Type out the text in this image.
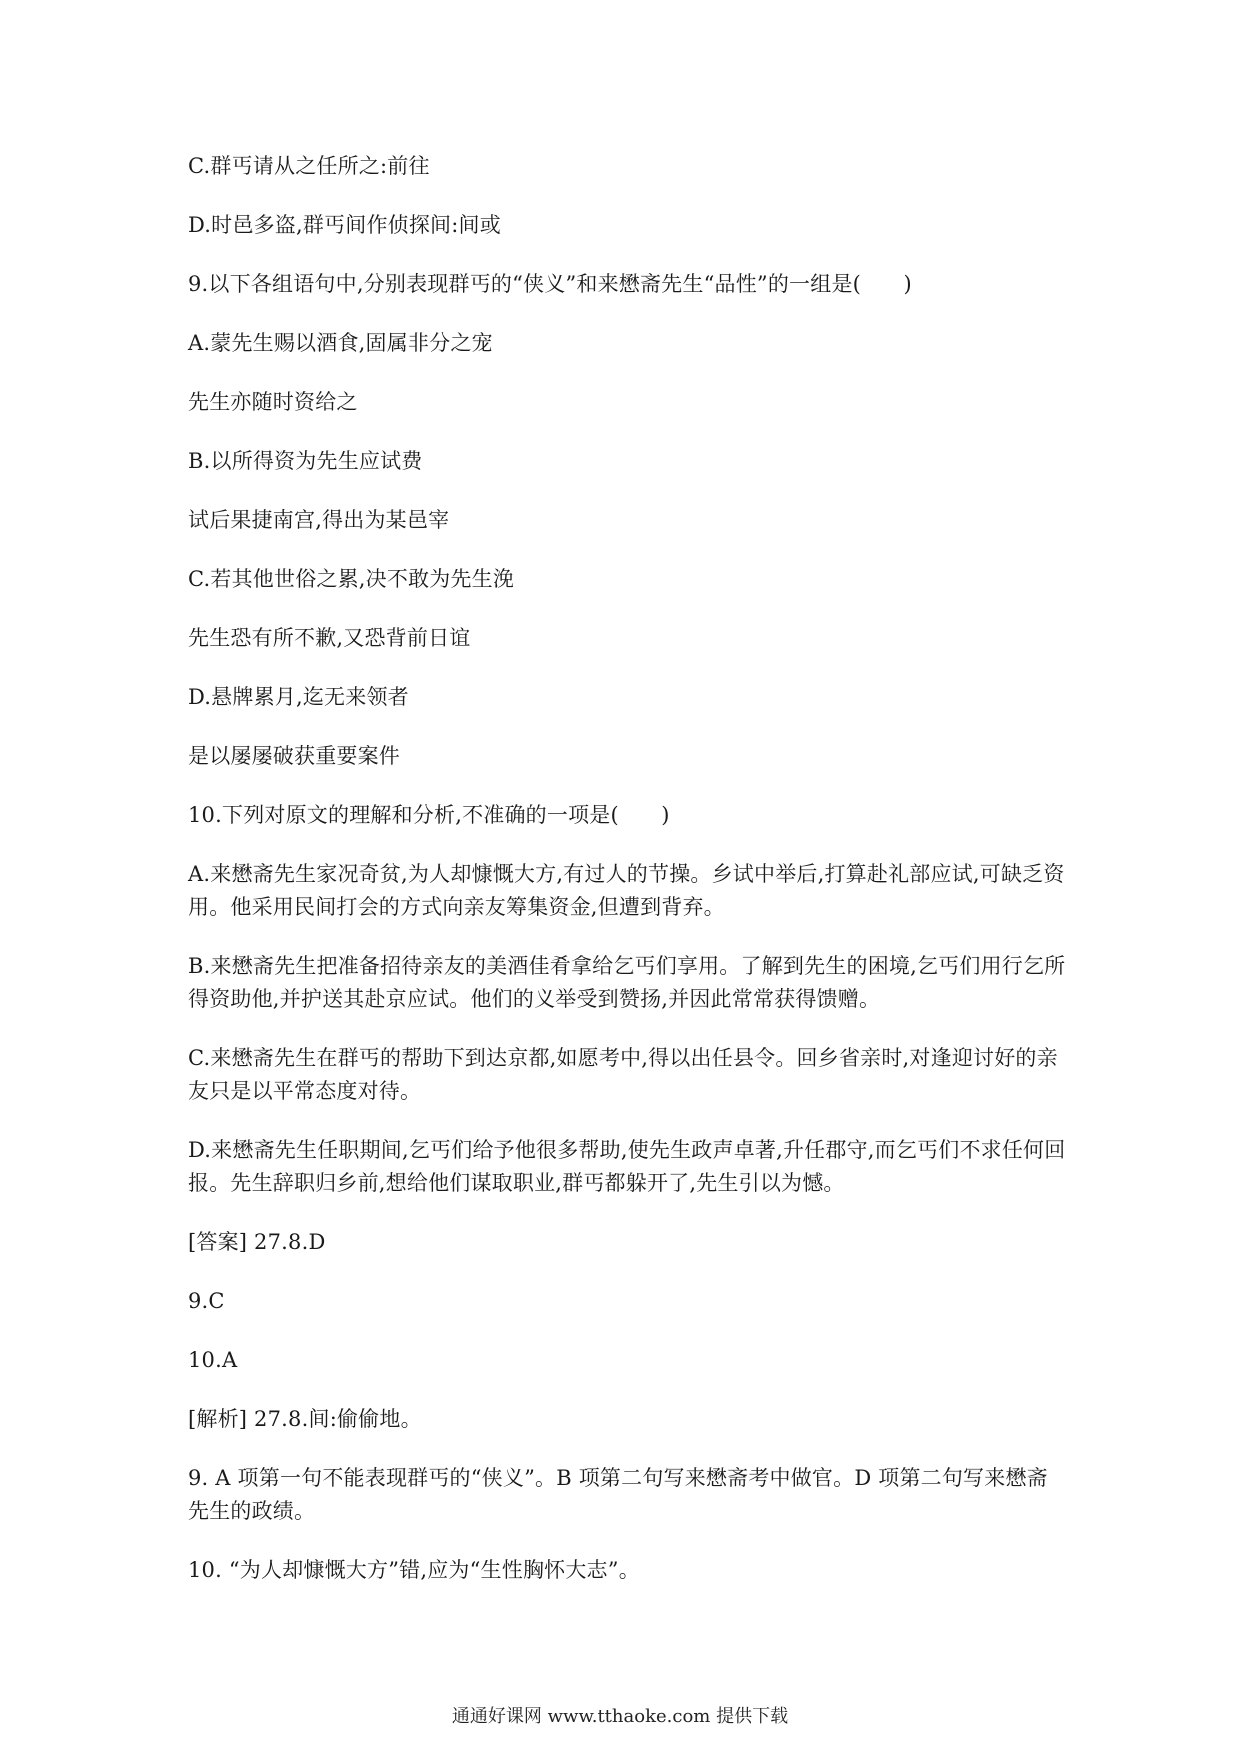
C.群丐请从之任所之:前往

D.时邑多盗,群丐间作侦探间:间或

9.以下各组语句中,分别表现群丐的“侠义”和来懋斋先生“品性”的一组是(　　)

A.蒙先生赐以酒食,固属非分之宠

先生亦随时资给之

B.以所得资为先生应试费

试后果捷南宫,得出为某邑宰

C.若其他世俗之累,决不敢为先生浼

先生恐有所不歉,又恐背前日谊

D.悬牌累月,迄无来领者

是以屡屡破获重要案件

10.下列对原文的理解和分析,不准确的一项是(　　)

A.来懋斋先生家况奇贫,为人却慷慨大方,有过人的节操。乡试中举后,打算赴礼部应试,可缺乏资用。他采用民间打会的方式向亲友筹集资金,但遭到背弃。

B.来懋斋先生把准备招待亲友的美酒佳肴拿给乞丐们享用。了解到先生的困境,乞丐们用行乞所得资助他,并护送其赴京应试。他们的义举受到赞扬,并因此常常获得馈赠。

C.来懋斋先生在群丐的帮助下到达京都,如愿考中,得以出任县令。回乡省亲时,对逢迎讨好的亲友只是以平常态度对待。

D.来懋斋先生任职期间,乞丐们给予他很多帮助,使先生政声卓著,升任郡守,而乞丐们不求任何回报。先生辞职归乡前,想给他们谋取职业,群丐都躲开了,先生引以为憾。

[答案] 27.8.D

9.C

10.A

[解析] 27.8.间:偷偷地。

9. A 项第一句不能表现群丐的“侠义”。B 项第二句写来懋斋考中做官。D 项第二句写来懋斋先生的政绩。

10. “为人却慷慨大方”错,应为“生性胸怀大志”。

通通好课网 www.tthaoke.com 提供下载
